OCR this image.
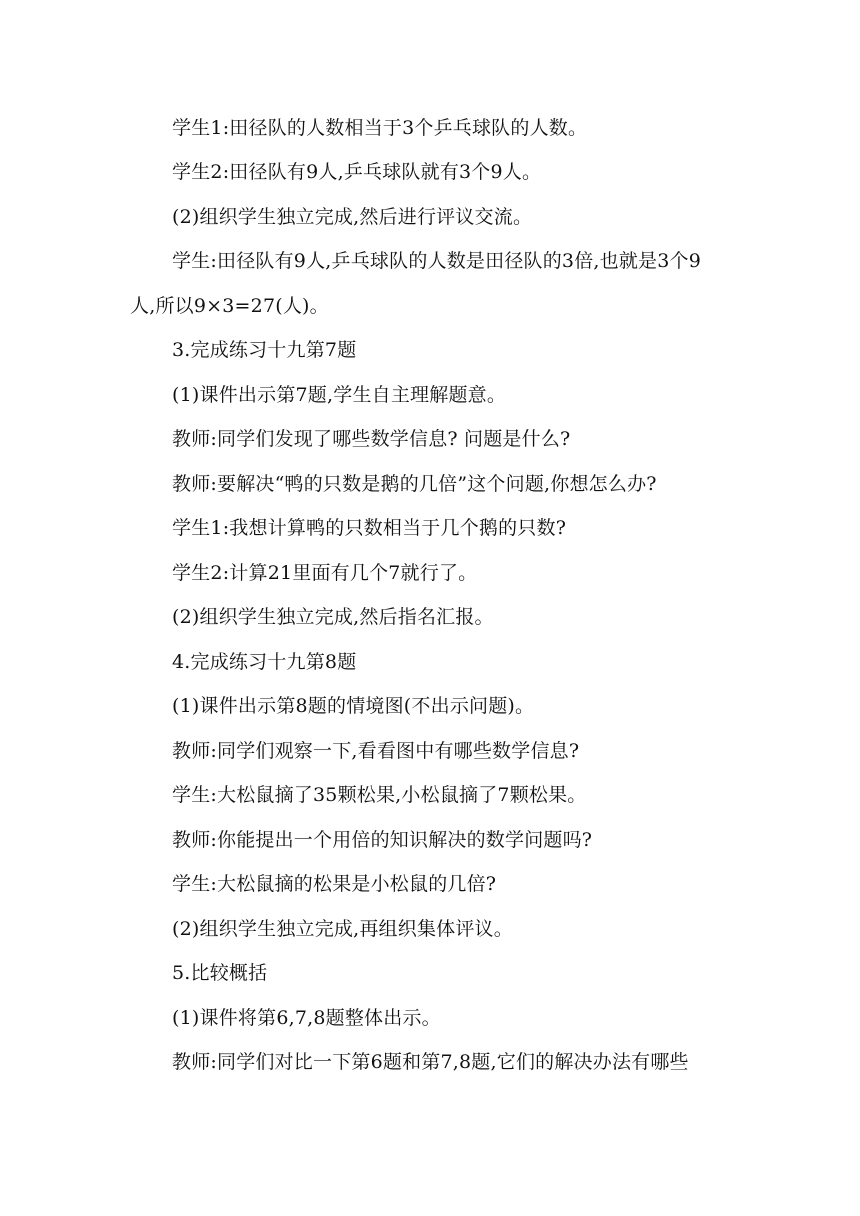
学生1:田径队的人数相当于3个乒乓球队的人数。
学生2:田径队有9人,乒乓球队就有3个9人。
(2)组织学生独立完成,然后进行评议交流。
学生:田径队有9人,乒乓球队的人数是田径队的3倍,也就是3个9
人,所以9×3=27(人)。
3.完成练习十九第7题
(1)课件出示第7题,学生自主理解题意。
教师:同学们发现了哪些数学信息? 问题是什么?
教师:要解决“鸭的只数是鹅的几倍”这个问题,你想怎么办?
学生1:我想计算鸭的只数相当于几个鹅的只数?
学生2:计算21里面有几个7就行了。
(2)组织学生独立完成,然后指名汇报。
4.完成练习十九第8题
(1)课件出示第8题的情境图(不出示问题)。
教师:同学们观察一下,看看图中有哪些数学信息?
学生:大松鼠摘了35颗松果,小松鼠摘了7颗松果。
教师:你能提出一个用倍的知识解决的数学问题吗?
学生:大松鼠摘的松果是小松鼠的几倍?
(2)组织学生独立完成,再组织集体评议。
5.比较概括
(1)课件将第6,7,8题整体出示。
教师:同学们对比一下第6题和第7,8题,它们的解决办法有哪些
